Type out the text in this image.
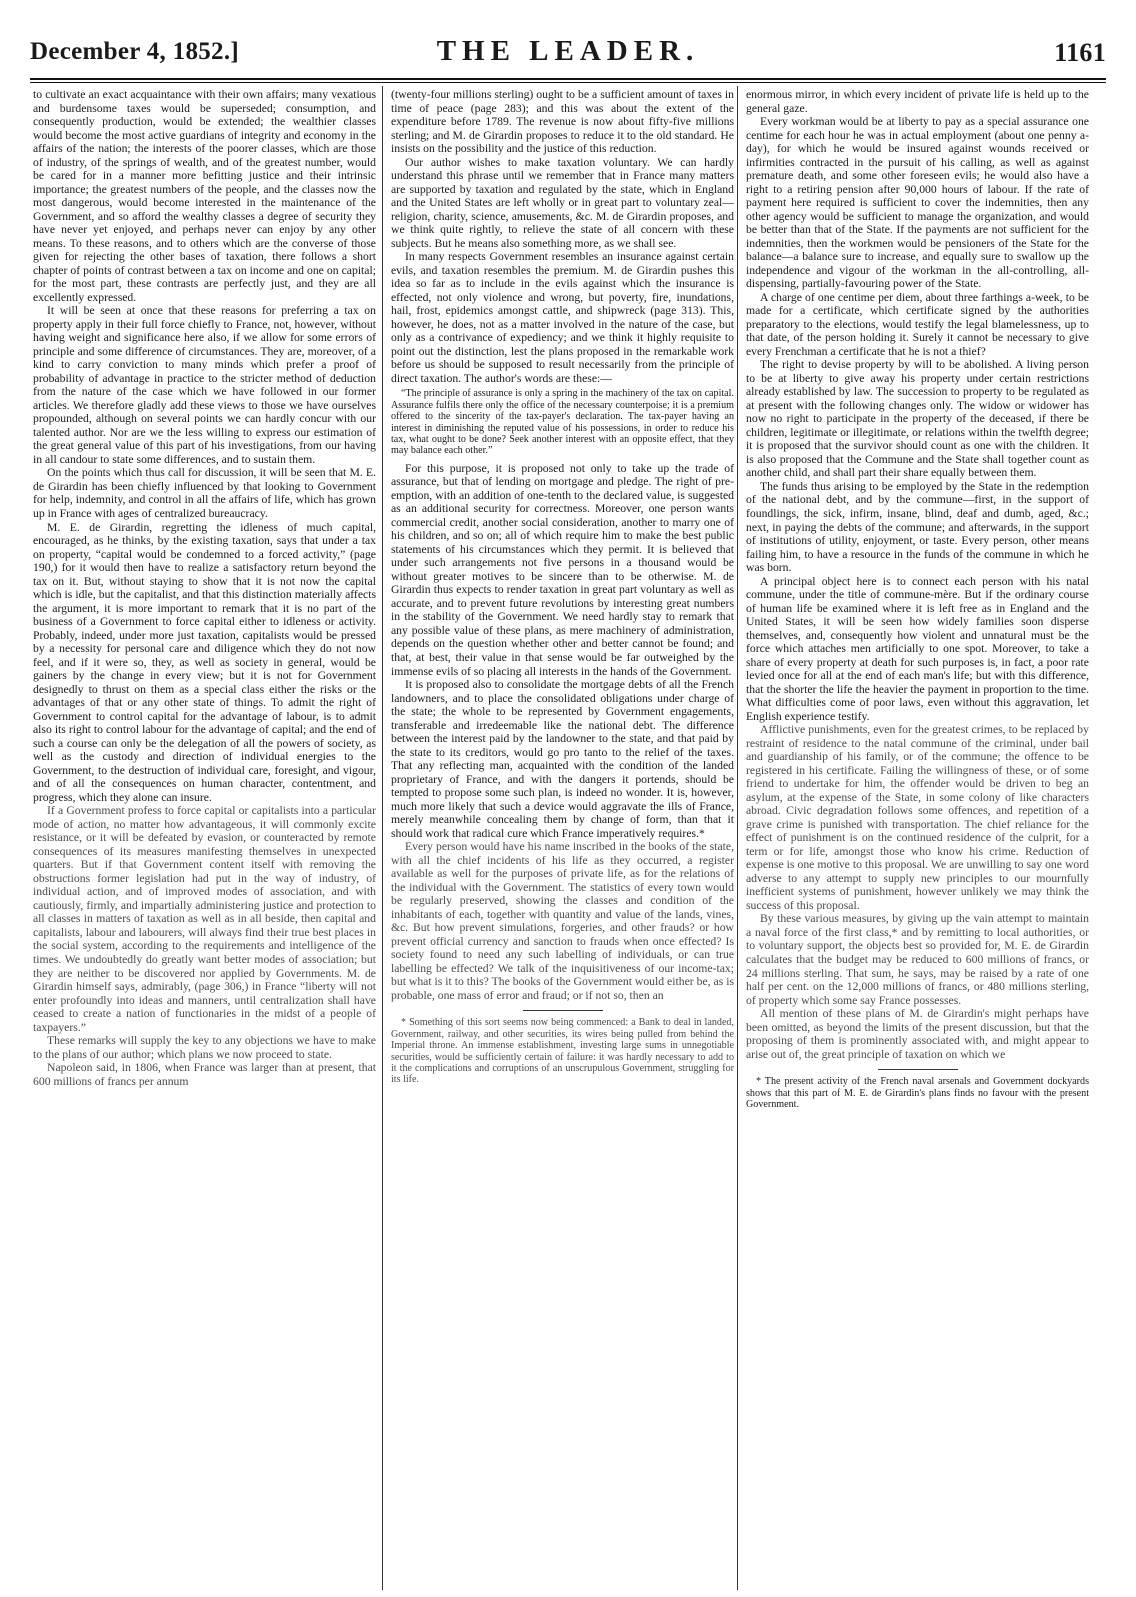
December 4, 1852.]	THE LEADER.	1161

to cultivate an exact acquaintance with their own affairs; many vexatious and burdensome taxes would be superseded; consumption, and consequently production, would be extended; the wealthier classes would become the most active guardians of integrity and economy in the affairs of the nation; the interests of the poorer classes, which are those of industry, of the springs of wealth, and of the greatest number, would be cared for in a manner more befitting justice and their intrinsic importance; the greatest numbers of the people, and the classes now the most dangerous, would become interested in the maintenance of the Government, and so afford the wealthy classes a degree of security they have never yet enjoyed, and perhaps never can enjoy by any other means. To these reasons, and to others which are the converse of those given for rejecting the other bases of taxation, there follows a short chapter of points of contrast between a tax on income and one on capital; for the most part, these contrasts are perfectly just, and they are all excellently expressed.

It will be seen at once that these reasons for preferring a tax on property apply in their full force chiefly to France, not, however, without having weight and significance here also, if we allow for some errors of principle and some difference of circumstances. They are, moreover, of a kind to carry conviction to many minds which prefer a proof of probability of advantage in practice to the stricter method of deduction from the nature of the case which we have followed in our former articles. We therefore gladly add these views to those we have ourselves propounded, although on several points we can hardly concur with our talented author. Nor are we the less willing to express our estimation of the great general value of this part of his investigations, from our having in all candour to state some differences, and to sustain them.

On the points which thus call for discussion, it will be seen that M. E. de Girardin has been chiefly influenced by that looking to Government for help, indemnity, and control in all the affairs of life, which has grown up in France with ages of centralized bureaucracy.

M. E. de Girardin, regretting the idleness of much capital, encouraged, as he thinks, by the existing taxation, says that under a tax on property, “capital would be condemned to a forced activity,” (page 190,) for it would then have to realize a satisfactory return beyond the tax on it. But, without staying to show that it is not now the capital which is idle, but the capitalist, and that this distinction materially affects the argument, it is more important to remark that it is no part of the business of a Government to force capital either to idleness or activity. Probably, indeed, under more just taxation, capitalists would be pressed by a necessity for personal care and diligence which they do not now feel, and if it were so, they, as well as society in general, would be gainers by the change in every view; but it is not for Government designedly to thrust on them as a special class either the risks or the advantages of that or any other state of things. To admit the right of Government to control capital for the advantage of labour, is to admit also its right to control labour for the advantage of capital; and the end of such a course can only be the delegation of all the powers of society, as well as the custody and direction of individual energies to the Government, to the destruction of individual care, foresight, and vigour, and of all the consequences on human character, contentment, and progress, which they alone can insure.

If a Government profess to force capital or capitalists into a particular mode of action, no matter how advantageous, it will commonly excite resistance, or it will be defeated by evasion, or counteracted by remote consequences of its measures manifesting themselves in unexpected quarters. But if that Government content itself with removing the obstructions former legislation had put in the way of industry, of individual action, and of improved modes of association, and with cautiously, firmly, and impartially administering justice and protection to all classes in matters of taxation as well as in all beside, then capital and capitalists, labour and labourers, will always find their true best places in the social system, according to the requirements and intelligence of the times. We undoubtedly do greatly want better modes of association; but they are neither to be discovered nor applied by Governments. M. de Girardin himself says, admirably, (page 306,) in France “liberty will not enter profoundly into ideas and manners, until centralization shall have ceased to create a nation of functionaries in the midst of a people of taxpayers.”

These remarks will supply the key to any objections we have to make to the plans of our author; which plans we now proceed to state.

Napoleon said, in 1806, when France was larger than at present, that 600 millions of francs per annum

(twenty-four millions sterling) ought to be a sufficient amount of taxes in time of peace (page 283); and this was about the extent of the expenditure before 1789. The revenue is now about fifty-five millions sterling; and M. de Girardin proposes to reduce it to the old standard. He insists on the possibility and the justice of this reduction.

Our author wishes to make taxation voluntary. We can hardly understand this phrase until we remember that in France many matters are supported by taxation and regulated by the state, which in England and the United States are left wholly or in great part to voluntary zeal—religion, charity, science, amusements, &c. M. de Girardin proposes, and we think quite rightly, to relieve the state of all concern with these subjects. But he means also something more, as we shall see.

In many respects Government resembles an insurance against certain evils, and taxation resembles the premium. M. de Girardin pushes this idea so far as to include in the evils against which the insurance is effected, not only violence and wrong, but poverty, fire, inundations, hail, frost, epidemics amongst cattle, and shipwreck (page 313). This, however, he does, not as a matter involved in the nature of the case, but only as a contrivance of expediency; and we think it highly requisite to point out the distinction, lest the plans proposed in the remarkable work before us should be supposed to result necessarily from the principle of direct taxation. The author's words are these:—

“The principle of assurance is only a spring in the machinery of the tax on capital. Assurance fulfils there only the office of the necessary counterpoise; it is a premium offered to the sincerity of the tax-payer's declaration. The tax-payer having an interest in diminishing the reputed value of his possessions, in order to reduce his tax, what ought to be done? Seek another interest with an opposite effect, that they may balance each other.”

For this purpose, it is proposed not only to take up the trade of assurance, but that of lending on mortgage and pledge. The right of pre-emption, with an addition of one-tenth to the declared value, is suggested as an additional security for correctness. Moreover, one person wants commercial credit, another social consideration, another to marry one of his children, and so on; all of which require him to make the best public statements of his circumstances which they permit. It is believed that under such arrangements not five persons in a thousand would be without greater motives to be sincere than to be otherwise. M. de Girardin thus expects to render taxation in great part voluntary as well as accurate, and to prevent future revolutions by interesting great numbers in the stability of the Government. We need hardly stay to remark that any possible value of these plans, as mere machinery of administration, depends on the question whether other and better cannot be found; and that, at best, their value in that sense would be far outweighed by the immense evils of so placing all interests in the hands of the Government.

It is proposed also to consolidate the mortgage debts of all the French landowners, and to place the consolidated obligations under charge of the state; the whole to be represented by Government engagements, transferable and irredeemable like the national debt. The difference between the interest paid by the landowner to the state, and that paid by the state to its creditors, would go pro tanto to the relief of the taxes. That any reflecting man, acquainted with the condition of the landed proprietary of France, and with the dangers it portends, should be tempted to propose some such plan, is indeed no wonder. It is, however, much more likely that such a device would aggravate the ills of France, merely meanwhile concealing them by change of form, than that it should work that radical cure which France imperatively requires.*

Every person would have his name inscribed in the books of the state, with all the chief incidents of his life as they occurred, a register available as well for the purposes of private life, as for the relations of the individual with the Government. The statistics of every town would be regularly preserved, showing the classes and condition of the inhabitants of each, together with quantity and value of the lands, vines, &c. But how prevent simulations, forgeries, and other frauds? or how prevent official currency and sanction to frauds when once effected? Is society found to need any such labelling of individuals, or can true labelling be effected? We talk of the inquisitiveness of our income-tax; but what is it to this? The books of the Government would either be, as is probable, one mass of error and fraud; or if not so, then an

* Something of this sort seems now being commenced: a Bank to deal in landed, Government, railway, and other securities, its wires being pulled from behind the Imperial throne. An immense establishment, investing large sums in unnegotiable securities, would be sufficiently certain of failure: it was hardly necessary to add to it the complications and corruptions of an unscrupulous Government, struggling for its life.

enormous mirror, in which every incident of private life is held up to the general gaze.

Every workman would be at liberty to pay as a special assurance one centime for each hour he was in actual employment (about one penny a-day), for which he would be insured against wounds received or infirmities contracted in the pursuit of his calling, as well as against premature death, and some other foreseen evils; he would also have a right to a retiring pension after 90,000 hours of labour. If the rate of payment here required is sufficient to cover the indemnities, then any other agency would be sufficient to manage the organization, and would be better than that of the State. If the payments are not sufficient for the indemnities, then the workmen would be pensioners of the State for the balance—a balance sure to increase, and equally sure to swallow up the independence and vigour of the workman in the all-controlling, all-dispensing, partially-favouring power of the State.

A charge of one centime per diem, about three farthings a-week, to be made for a certificate, which certificate signed by the authorities preparatory to the elections, would testify the legal blamelessness, up to that date, of the person holding it. Surely it cannot be necessary to give every Frenchman a certificate that he is not a thief?

The right to devise property by will to be abolished. A living person to be at liberty to give away his property under certain restrictions already established by law. The succession to property to be regulated as at present with the following changes only. The widow or widower has now no right to participate in the property of the deceased, if there be children, legitimate or illegitimate, or relations within the twelfth degree; it is proposed that the survivor should count as one with the children. It is also proposed that the Commune and the State shall together count as another child, and shall part their share equally between them.

The funds thus arising to be employed by the State in the redemption of the national debt, and by the commune—first, in the support of foundlings, the sick, infirm, insane, blind, deaf and dumb, aged, &c.; next, in paying the debts of the commune; and afterwards, in the support of institutions of utility, enjoyment, or taste. Every person, other means failing him, to have a resource in the funds of the commune in which he was born.

A principal object here is to connect each person with his natal commune, under the title of commune-mère. But if the ordinary course of human life be examined where it is left free as in England and the United States, it will be seen how widely families soon disperse themselves, and, consequently how violent and unnatural must be the force which attaches men artificially to one spot. Moreover, to take a share of every property at death for such purposes is, in fact, a poor rate levied once for all at the end of each man's life; but with this difference, that the shorter the life the heavier the payment in proportion to the time. What difficulties come of poor laws, even without this aggravation, let English experience testify.

Afflictive punishments, even for the greatest crimes, to be replaced by restraint of residence to the natal commune of the criminal, under bail and guardianship of his family, or of the commune; the offence to be registered in his certificate. Failing the willingness of these, or of some friend to undertake for him, the offender would be driven to beg an asylum, at the expense of the State, in some colony of like characters abroad. Civic degradation follows some offences, and repetition of a grave crime is punished with transportation. The chief reliance for the effect of punishment is on the continued residence of the culprit, for a term or for life, amongst those who know his crime. Reduction of expense is one motive to this proposal. We are unwilling to say one word adverse to any attempt to supply new principles to our mournfully inefficient systems of punishment, however unlikely we may think the success of this proposal.

By these various measures, by giving up the vain attempt to maintain a naval force of the first class,* and by remitting to local authorities, or to voluntary support, the objects best so provided for, M. E. de Girardin calculates that the budget may be reduced to 600 millions of francs, or 24 millions sterling. That sum, he says, may be raised by a rate of one half per cent. on the 12,000 millions of francs, or 480 millions sterling, of property which some say France possesses.

All mention of these plans of M. de Girardin's might perhaps have been omitted, as beyond the limits of the present discussion, but that the proposing of them is prominently associated with, and might appear to arise out of, the great principle of taxation on which we

* The present activity of the French naval arsenals and Government dockyards shows that this part of M. E. de Girardin's plans finds no favour with the present Government.
